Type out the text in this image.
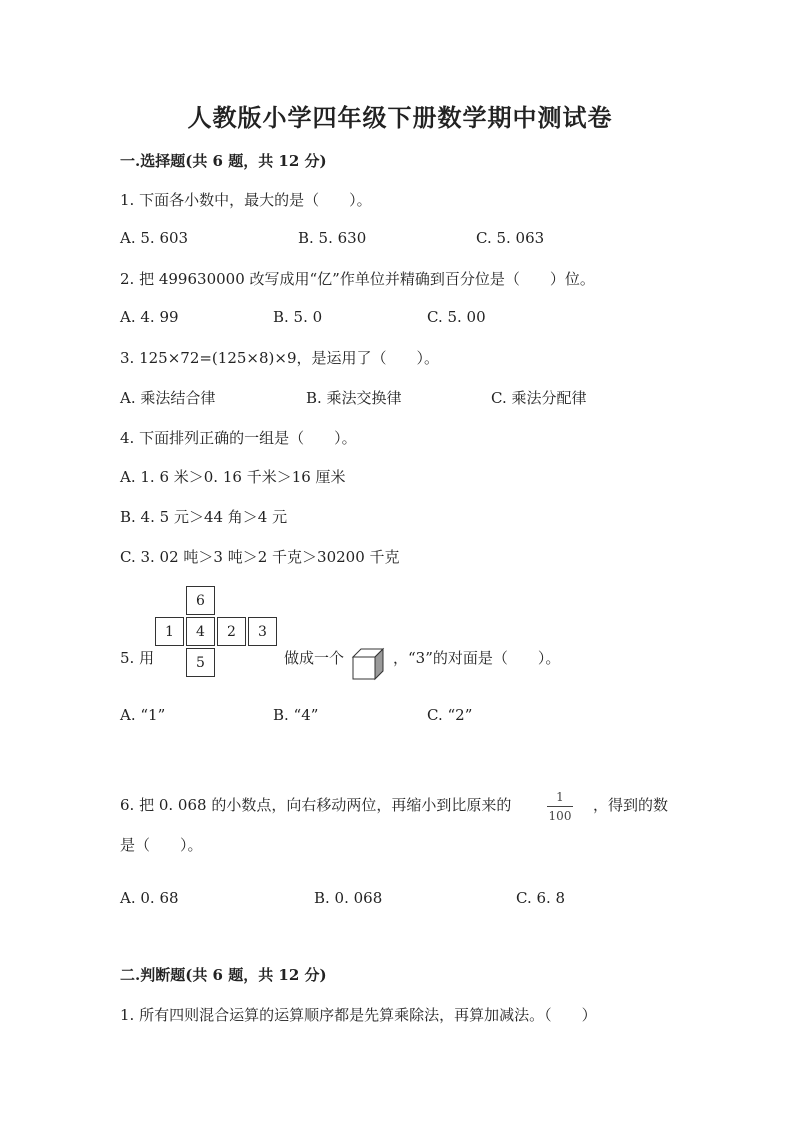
人教版小学四年级下册数学期中测试卷
一.选择题(共 6 题，共 12 分)
1. 下面各小数中，最大的是（　　）。
A. 5. 603	B. 5. 630	C. 5. 063
2. 把 499630000 改写成用“亿”作单位并精确到百分位是（　　）位。
A. 4. 99	B. 5. 0	C. 5. 00
3. 125×72=(125×8)×9，是运用了（　　）。
A. 乘法结合律	B. 乘法交换律	C. 乘法分配律
4. 下面排列正确的一组是（　　）。
A. 1. 6 米＞0. 16 千米＞16 厘米
B. 4. 5 元＞44 角＞4 元
C. 3. 02 吨＞3 吨＞2 千克＞30200 千克
6
1	4	2	3
5
5. 用	做成一个	，“3”的对面是（　　）。
A. “1”	B. “4”	C. “2”
6. 把 0. 068 的小数点，向右移动两位，再缩小到比原来的	1
100
，得到的数
是（　　）。
A. 0. 68	B. 0. 068	C. 6. 8
二.判断题(共 6 题，共 12 分)
1. 所有四则混合运算的运算顺序都是先算乘除法，再算加减法。（　　）
